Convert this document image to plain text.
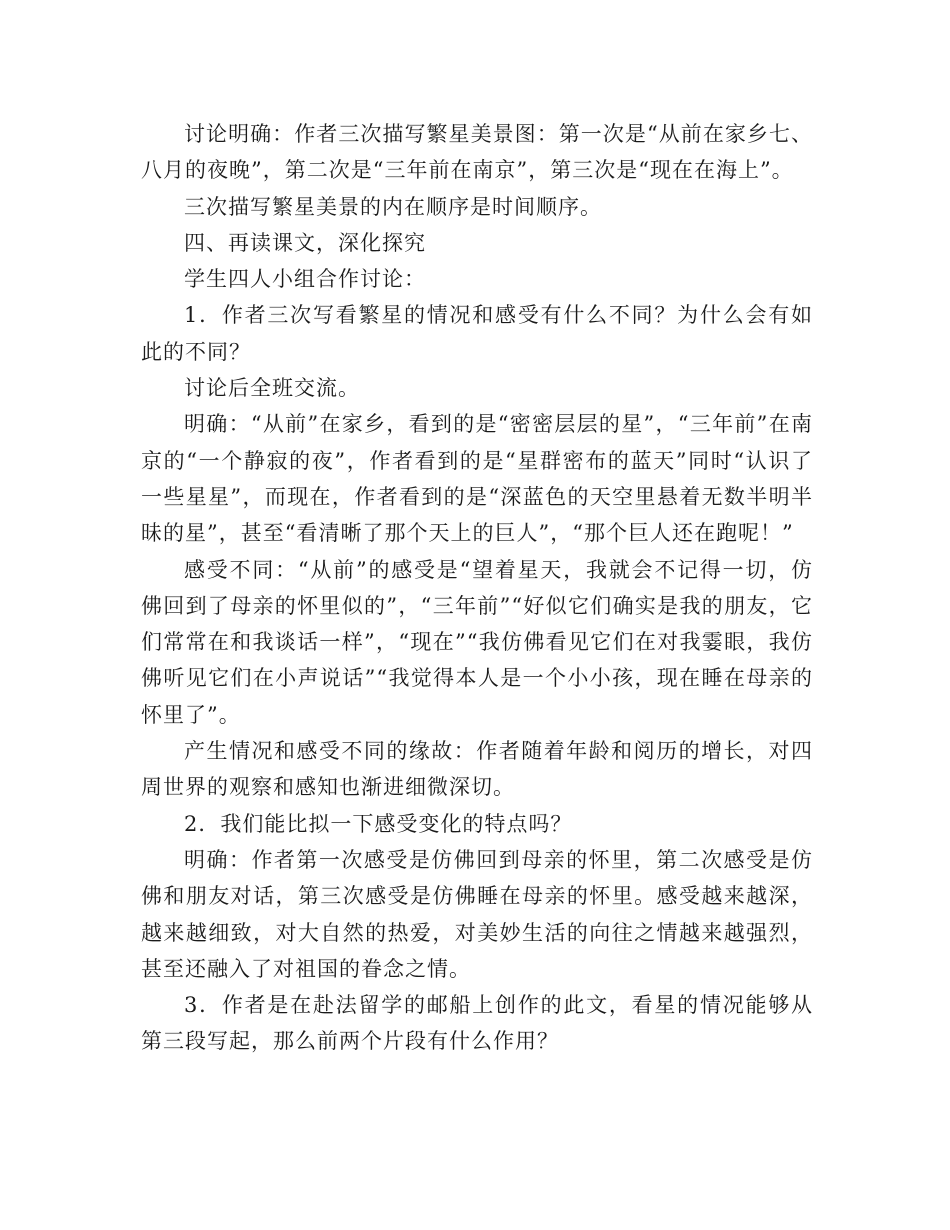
讨论明确：作者三次描写繁星美景图：第一次是“从前在家乡七、八月的夜晚”，第二次是“三年前在南京”，第三次是“现在在海上”。

三次描写繁星美景的内在顺序是时间顺序。

四、再读课文，深化探究

学生四人小组合作讨论：

1．作者三次写看繁星的情况和感受有什么不同？为什么会有如此的不同？

讨论后全班交流。

明确：“从前”在家乡，看到的是“密密层层的星”，“三年前”在南京的“一个静寂的夜”，作者看到的是“星群密布的蓝天”同时“认识了一些星星”，而现在，作者看到的是“深蓝色的天空里悬着无数半明半昧的星”，甚至“看清晰了那个天上的巨人”，“那个巨人还在跑呢！”

感受不同：“从前”的感受是“望着星天，我就会不记得一切，仿佛回到了母亲的怀里似的”，“三年前”“好似它们确实是我的朋友，它们常常在和我谈话一样”，“现在”“我仿佛看见它们在对我霎眼，我仿佛听见它们在小声说话”“我觉得本人是一个小小孩，现在睡在母亲的怀里了”。

产生情况和感受不同的缘故：作者随着年龄和阅历的增长，对四周世界的观察和感知也渐进细微深切。

2．我们能比拟一下感受变化的特点吗？

明确：作者第一次感受是仿佛回到母亲的怀里，第二次感受是仿佛和朋友对话，第三次感受是仿佛睡在母亲的怀里。感受越来越深，越来越细致，对大自然的热爱，对美妙生活的向往之情越来越强烈，甚至还融入了对祖国的眷念之情。

3．作者是在赴法留学的邮船上创作的此文，看星的情况能够从第三段写起，那么前两个片段有什么作用？
